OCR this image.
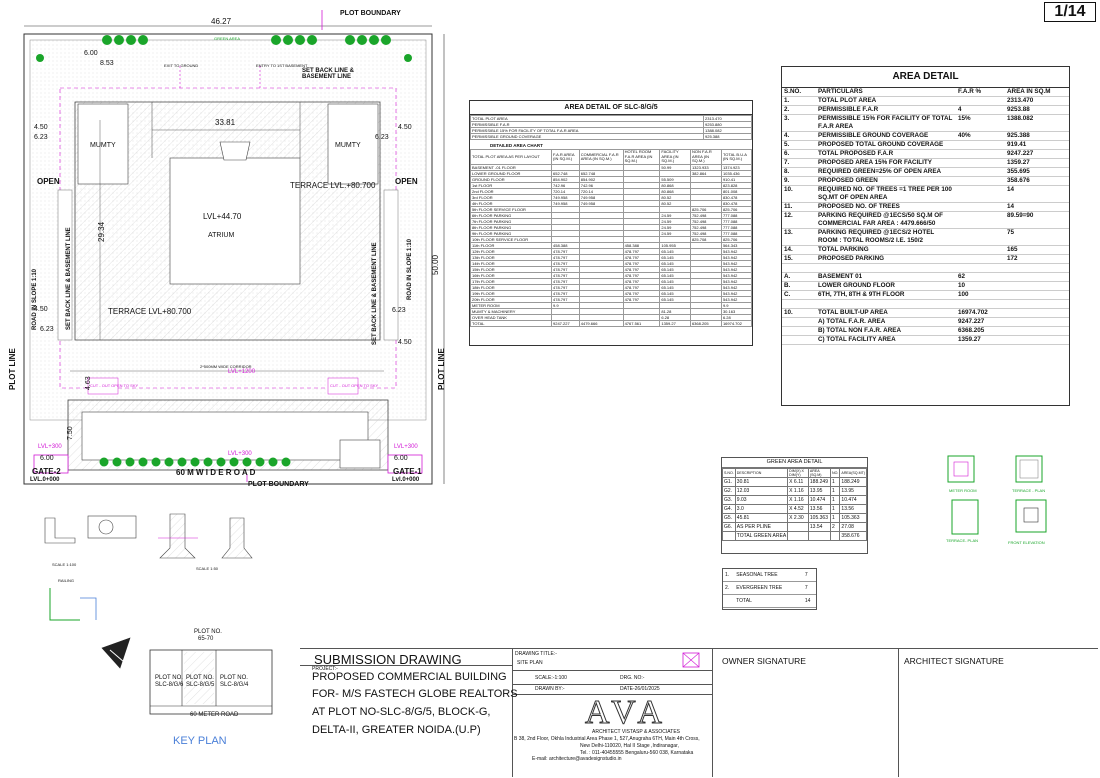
1/14
PLOT BOUNDARY
46.27
GREEN AREA
ENTRY TO 1ST BASEMENT
EXIT TO GROUND
SET BACK LINE & BASEMENT LINE
6.00
8.53
4.50
6.23
4.50
6.23
MUMTY	MUMTY
33.81
OPEN	OPEN
TERRACE LVL.+80.700
LVL+44.70
ATRIUM
29.34
TERRACE LVL+80.700
ROAD IN SLOPE 1:10	SET BACK LINE & BASEMENT LINE	SET BACK LINE & BASEMENT LINE	ROAD IN SLOPE 1:10
4.50
6.23
6.23
4.50
50.00
2*500MM WIDE CORRIDOR
LVL+1200
CUT - OUT OPEN TO SKY	CUT - OUT OPEN TO SKY
4.63
7.50
PLOT LINE	PLOT LINE
LVL+300	LVL+300
LVL+300
6.00	6.00
GATE-2
LVL.0+000
GATE-1
Lvl.0+000
60 M W I D E R O A D
PLOT BOUNDARY
SCALE 1:100
SCALE 1:50
RAILING
AREA DETAIL OF SLC-8/G/5
TOTAL PLOT AREA	2313.470
PERMISSIBLE F.A.R	9253.880
PERMISSIBLE 15% FOR FACILITY OF TOTAL F.A.R AREA	1388.082
PERMISSIBLE GROUND COVERAGE	925.388
DETAILED AREA CHART
TOTAL PLOT AREA AS PER LAYOUT	F.A.R AREA (IN SQ.M.)	COMMERCIAL F.A.R AREA (IN SQ.M.)	HOTEL ROOM F.A.R AREA (IN SQ.M.)	FACILITY AREA (IN SQ.M.)	NON F.A.R AREA (IN SQ.M.)	TOTAL B.U.A (IN SQ.M.)
BASEMENT -01 FLOOR				50.99	1323.933	1374.923
LOWER GROUND FLOOR	652.748	652.748			382.864	1035.436
GROUND FLOOR	854.902	854.902		55.509		910.41
1st FLOOR	742.96	742.96		80.868		823.828
2nd FLOOR	720.14	720.14		80.868		801.008
3rd FLOOR	749.958	749.958		80.52		830.478
4th FLOOR	749.958	749.958		80.52		830.478
5th FLOOR SERVICE FLOOR					825.706	825.706
6th FLOOR PARKING				24.59	752.498	777.088
7th FLOOR PARKING				24.59	752.498	777.088
8th FLOOR PARKING				24.59	752.498	777.088
9th FLOOR PARKING				24.59	752.498	777.088
10th FLOOR SERVICE FLOOR					825.708	825.706
11th FLOOR	458.388		458.388	105.955		564.343
12th FLOOR	478.797		478.797	65.145		543.942
13th FLOOR	478.797		478.797	65.145		543.942
14th FLOOR	478.797		478.797	65.145		543.942
15th FLOOR	478.797		478.797	65.145		543.942
16th FLOOR	478.797		478.797	65.145		543.942
17th FLOOR	478.797		478.797	65.145		543.942
18th FLOOR	478.797		478.797	65.145		543.942
19th FLOOR	478.797		478.797	65.145		543.942
20th FLOOR	478.797		478.797	65.145		543.942
METER ROOM	9.9					9.9
MUMTY & MACHINERY				81.28		30.163
OVER HEAD TANK				6.28		6.28
TOTAL	9247.227	4479.666	4767.561	1359.27	6368.205	16974.702
AREA DETAIL
S.NO.	PARTICULARS	F.A.R %	AREA IN SQ.M
1.	TOTAL PLOT AREA		2313.470
2.	PERMISSIBLE F.A.R	4	9253.88
3.	PERMISSIBLE 15% FOR FACILITY OF TOTAL F.A.R AREA	15%	1388.082
4.	PERMISSIBLE GROUND COVERAGE	40%	925.388
5.	PROPOSED TOTAL GROUND COVERAGE		919.41
6.	TOTAL PROPOSED F.A.R		9247.227
7.	PROPOSED AREA 15% FOR FACILITY		1359.27
8.	REQUIRED GREEN=25% OF OPEN AREA		355.695
9.	PROPOSED GREEN		358.676
10.	REQUIRED NO. OF TREES =1 TREE PER 100 SQ.MT OF OPEN AREA		14
11.	PROPOSED NO. OF TREES		14
12.	PARKING REQUIRED @1ECS/50 SQ.M OF COMMERCIAL FAR AREA : 4479.666/50		89.59=90
13.	PARKING REQUIRED @1ECS/2 HOTEL ROOM : TOTAL ROOMS/2 I.E. 150/2		75
14.	TOTAL PARKING		165
15.	PROPOSED PARKING		172

A.	BASEMENT 01	62	
B.	LOWER GROUND FLOOR	10	
C.	6TH, 7TH, 8TH & 9TH FLOOR	100	

10.	TOTAL BUILT-UP AREA	16974.702	
	A) TOTAL F.A.R. AREA	9247.227	
	B) TOTAL NON F.A.R. AREA	6368.205	
	C) TOTAL FACILITY AREA	1359.27	
GREEN AREA DETAIL
S.NO.	DESCRIPTION	DIM(X) X DIM(Y)	AREA (SQ.M)	NO.	AREA(SQ.MT)
G1.	30.81	X 6.11	188.249	1	188.249
G2.	12.03	X 1.16	13.95	1	13.95
G3.	9.03	X 1.16	10.474	1	10.474
G4.	3.0	X 4.52	13.56	1	13.56
G5.	45.81	X 2.30	105.363	1	105.363
G6.	AS PER PLINE		13.54	2	27.08
	TOTAL GREEN AREA				358.676
1.	SEASONAL TREE	7
2.	EVERGREEN TREE	7
	TOTAL	14
METER ROOM	TERRACE - PLAN
TERRACE- PLAN	FRONT ELEVATION
PLOT NO.
65-70
PLOT NO. SLC-8/G/6
PLOT NO. SLC-8/G/5
PLOT NO. SLC-8/G/4
60 METER ROAD
KEY PLAN
SUBMISSION DRAWING
PROJECT:-
PROPOSED COMMERCIAL BUILDING
FOR- M/S FASTECH GLOBE REALTORS
AT PLOT NO-SLC-8/G/5, BLOCK-G,
DELTA-II, GREATER NOIDA.(U.P)
DRAWING TITLE:-
SITE PLAN
SCALE:-1:100	DRG. NO:-
DRAWN BY:-	DATE-26/01/2025
AVA
ARCHITECT VISTASP & ASSOCIATES
B 38, 2nd Floor, Okhla Industrial Area Phase 1, 527,Anugraha 6TH, Main 4th Cross,
New Delhi-110020, Hal II Stage ,Indiranagar,
Tel. : 011-40455555 Bengaluru-560 038, Karnataka
E-mail: architecture@avadesignstudio.in
OWNER SIGNATURE	ARCHITECT SIGNATURE
